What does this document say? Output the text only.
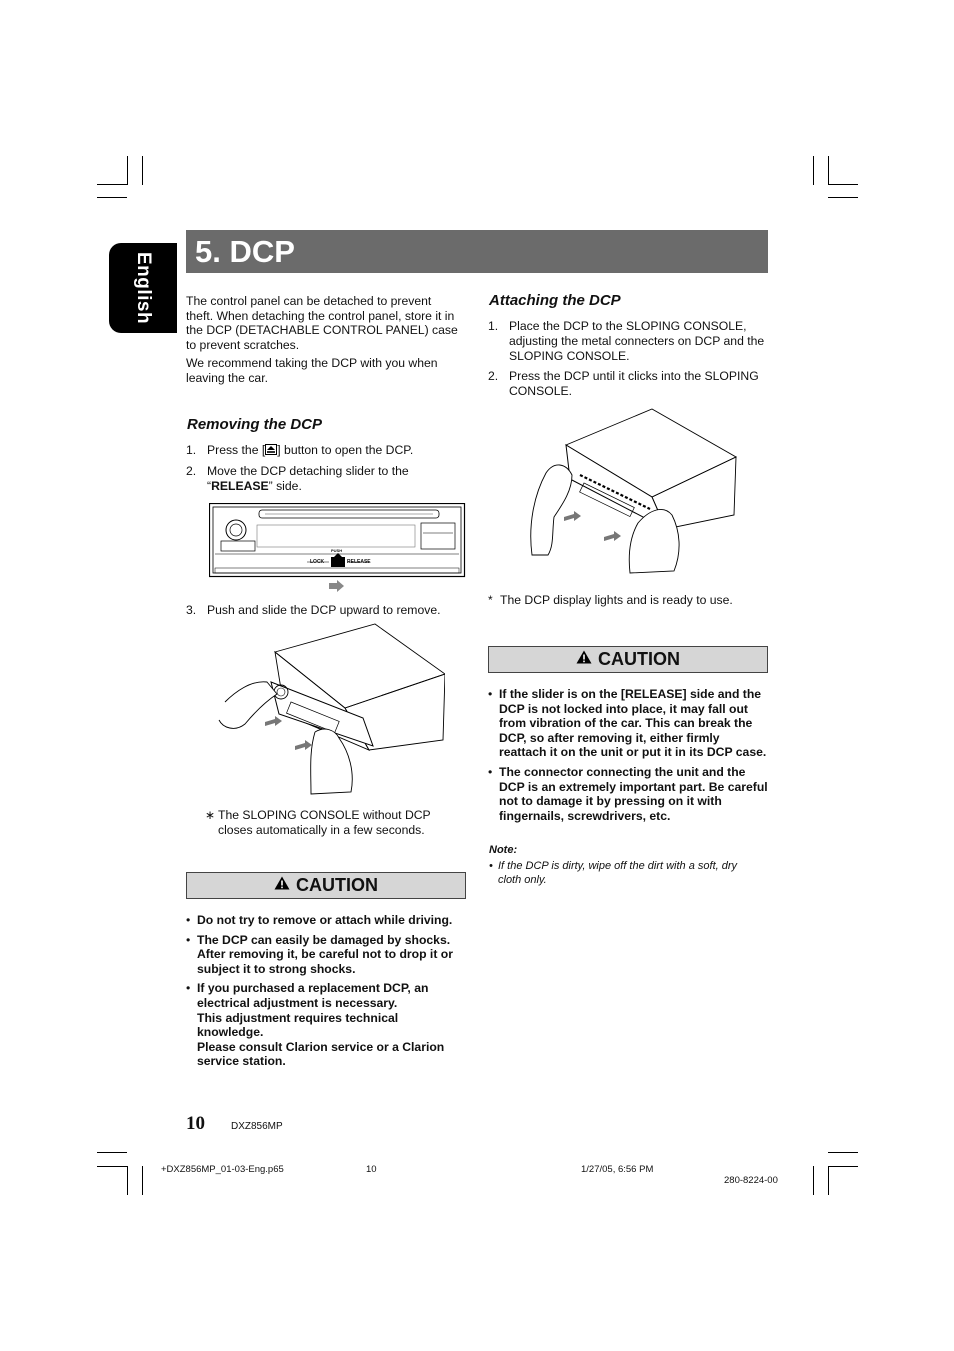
English
5. DCP
The control panel can be detached to prevent theft. When detaching the control panel, store it in the DCP (DETACHABLE CONTROL PANEL) case to prevent scratches.
We recommend taking the DCP with you when leaving the car.
Removing the DCP
1. Press the [ ] button to open the DCP.
2. Move the DCP detaching slider to the “RELEASE” side.
LOCK	RELEASE
PUSH
3. Push and slide the DCP upward to remove.
∗ The SLOPING CONSOLE without DCP closes automatically in a few seconds.
CAUTION
• Do not try to remove or attach while driving.
• The DCP can easily be damaged by shocks. After removing it, be careful not to drop it or subject it to strong shocks.
• If you purchased a replacement DCP, an electrical adjustment is necessary.
This adjustment requires technical knowledge.
Please consult Clarion service or a Clarion service station.
Attaching the DCP
1. Place the DCP to the SLOPING CONSOLE, adjusting the metal connecters on DCP and the SLOPING CONSOLE.
2. Press the DCP until it clicks into the SLOPING CONSOLE.
* The DCP display lights and is ready to use.
CAUTION
• If the slider is on the [RELEASE] side and the DCP is not locked into place, it may fall out from vibration of the car. This can break the DCP, so after removing it, either firmly reattach it on the unit or put it in its DCP case.
• The connector connecting the unit and the DCP is an extremely important part. Be careful not to damage it by pressing on it with fingernails, screwdrivers, etc.
Note:
• If the DCP is dirty, wipe off the dirt with a soft, dry cloth only.
10	DXZ856MP
+DXZ856MP_01-03-Eng.p65	10	1/27/05, 6:56 PM
280-8224-00
